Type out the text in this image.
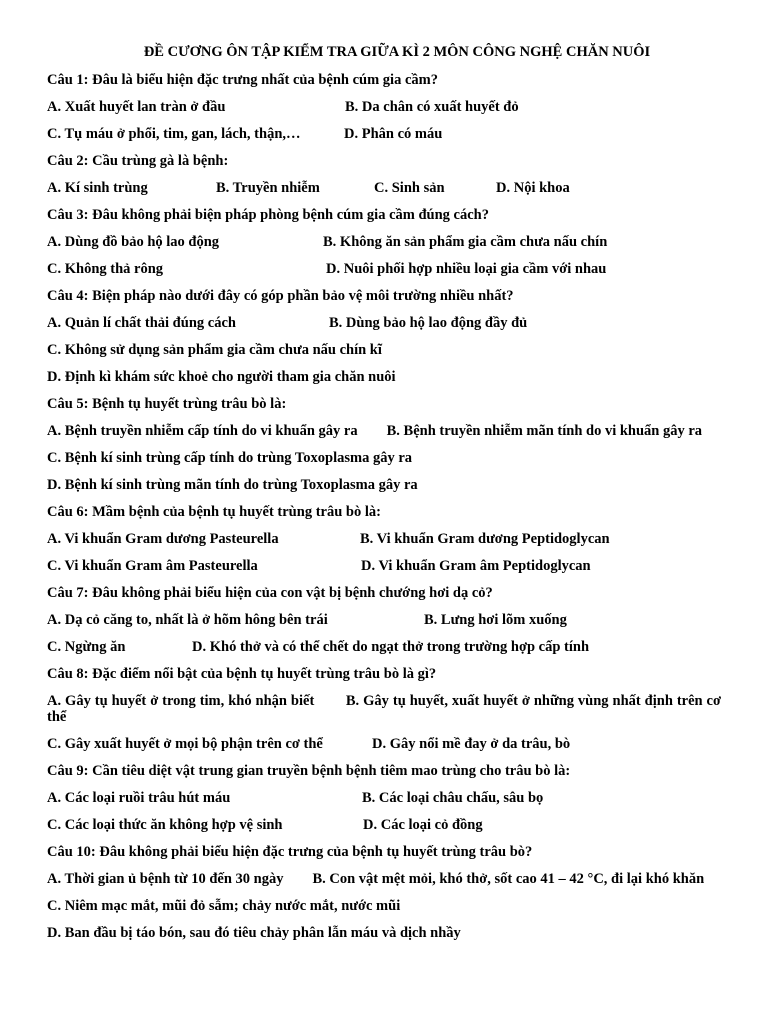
ĐỀ CƯƠNG ÔN TẬP KIỂM TRA GIỮA KÌ 2 MÔN CÔNG NGHỆ CHĂN NUÔI
Câu 1: Đâu là biểu hiện đặc trưng nhất của bệnh cúm gia cầm?
A. Xuất huyết lan tràn ở đầu	B. Da chân có xuất huyết đỏ
C. Tụ máu ở phổi, tim, gan, lách, thận,…	D. Phân có máu
Câu 2: Cầu trùng gà là bệnh:
A. Kí sinh trùng	B. Truyền nhiễm	C. Sinh sản	D. Nội khoa
Câu 3: Đâu không phải biện pháp phòng bệnh cúm gia cầm đúng cách?
A. Dùng đồ bảo hộ lao động	B. Không ăn sản phẩm gia cầm chưa nấu chín
C. Không thả rông	D. Nuôi phối hợp nhiều loại gia cầm với nhau
Câu 4: Biện pháp nào dưới đây có góp phần bảo vệ môi trường nhiều nhất?
A. Quản lí chất thải đúng cách	B. Dùng bảo hộ lao động đầy đủ
C. Không sử dụng sản phẩm gia cầm chưa nấu chín kĩ
D. Định kì khám sức khoẻ cho người tham gia chăn nuôi
Câu 5: Bệnh tụ huyết trùng trâu bò là:
A. Bệnh truyền nhiễm cấp tính do vi khuẩn gây ra B. Bệnh truyền nhiễm mãn tính do vi khuẩn gây ra
C. Bệnh kí sinh trùng cấp tính do trùng Toxoplasma gây ra
D. Bệnh kí sinh trùng mãn tính do trùng Toxoplasma gây ra
Câu 6: Mầm bệnh của bệnh tụ huyết trùng trâu bò là:
A. Vi khuẩn Gram dương Pasteurella	B. Vi khuẩn Gram dương Peptidoglycan
C. Vi khuẩn Gram âm Pasteurella	D. Vi khuẩn Gram âm Peptidoglycan
Câu 7: Đâu không phải biểu hiện của con vật bị bệnh chướng hơi dạ cỏ?
A. Dạ cỏ căng to, nhất là ở hõm hông bên trái	B. Lưng hơi lõm xuống
C. Ngừng ăn	D. Khó thở và có thể chết do ngạt thở trong trường hợp cấp tính
Câu 8: Đặc điểm nổi bật của bệnh tụ huyết trùng trâu bò là gì?
A. Gây tụ huyết ở trong tim, khó nhận biết B. Gây tụ huyết, xuất huyết ở những vùng nhất định trên cơ thể
C. Gây xuất huyết ở mọi bộ phận trên cơ thể	D. Gây nổi mề đay ở da trâu, bò
Câu 9: Cần tiêu diệt vật trung gian truyền bệnh bệnh tiêm mao trùng cho trâu bò là:
A. Các loại ruồi trâu hút máu	B. Các loại châu chấu, sâu bọ
C. Các loại thức ăn không hợp vệ sinh	D. Các loại cỏ đồng
Câu 10: Đâu không phải biểu hiện đặc trưng của bệnh tụ huyết trùng trâu bò?
A. Thời gian ủ bệnh từ 10 đến 30 ngày B. Con vật mệt mỏi, khó thở, sốt cao 41 – 42 °C, đi lại khó khăn
C. Niêm mạc mắt, mũi đỏ sẫm; chảy nước mắt, nước mũi
D. Ban đầu bị táo bón, sau đó tiêu chảy phân lẫn máu và dịch nhầy
